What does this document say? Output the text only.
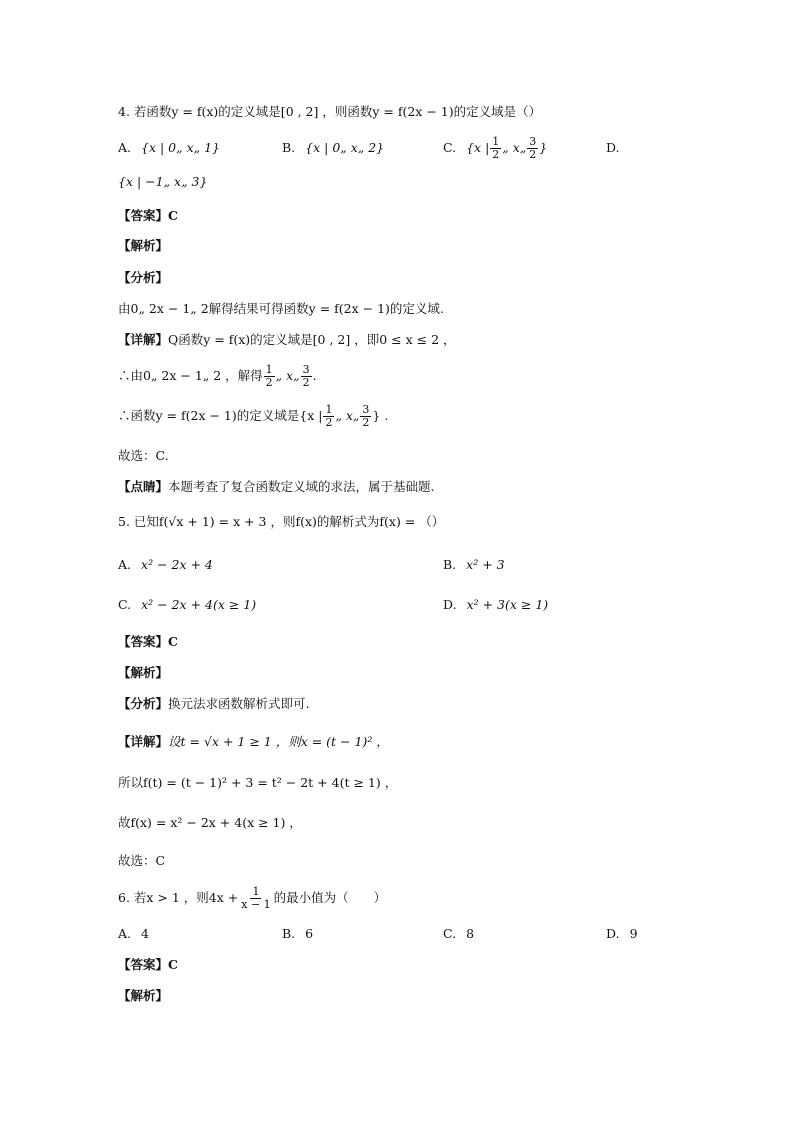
4. 若函数y = f(x)的定义域是[0 , 2] ，则函数y = f(2x − 1)的定义域是（）
A. {x | 0„ x„ 1}	B. {x | 0„ x„ 2}	C. {x | $\frac{1}{2}$ „ x„ $\frac{3}{2}$ }	D.
{x | −1„ x„ 3}
【答案】C
【解析】
【分析】
由0„ 2x − 1„ 2解得结果可得函数y = f(2x − 1)的定义域.
【详解】Q函数y = f(x)的定义域是[0 , 2] ，即0 ≤ x ≤ 2 ，
∴由0„ 2x − 1„ 2 ，解得 $\frac{1}{2}$ „ x„ $\frac{3}{2}$ .
∴函数y = f(2x − 1)的定义域是{x | $\frac{1}{2}$ „ x„ $\frac{3}{2}$ } .
故选：C.
【点睛】本题考查了复合函数定义域的求法，属于基础题.
5. 已知f(√x + 1) = x + 3 ，则f(x)的解析式为f(x) = （）
A. x² − 2x + 4	B. x² + 3
C. x² − 2x + 4(x ≥ 1)	D. x² + 3(x ≥ 1)
【答案】C
【解析】
【分析】换元法求函数解析式即可.
【详解】设t = √x + 1 ≥ 1 ，则x = (t − 1)² ，
所以f(t) = (t − 1)² + 3 = t² − 2t + 4(t ≥ 1) ，
故f(x) = x² − 2x + 4(x ≥ 1) ，
故选：C
6. 若x > 1 ，则$4x + \frac{1}{x - 1}$ 的最小值为（　　）
A. 4	B. 6	C. 8	D. 9
【答案】C
【解析】
